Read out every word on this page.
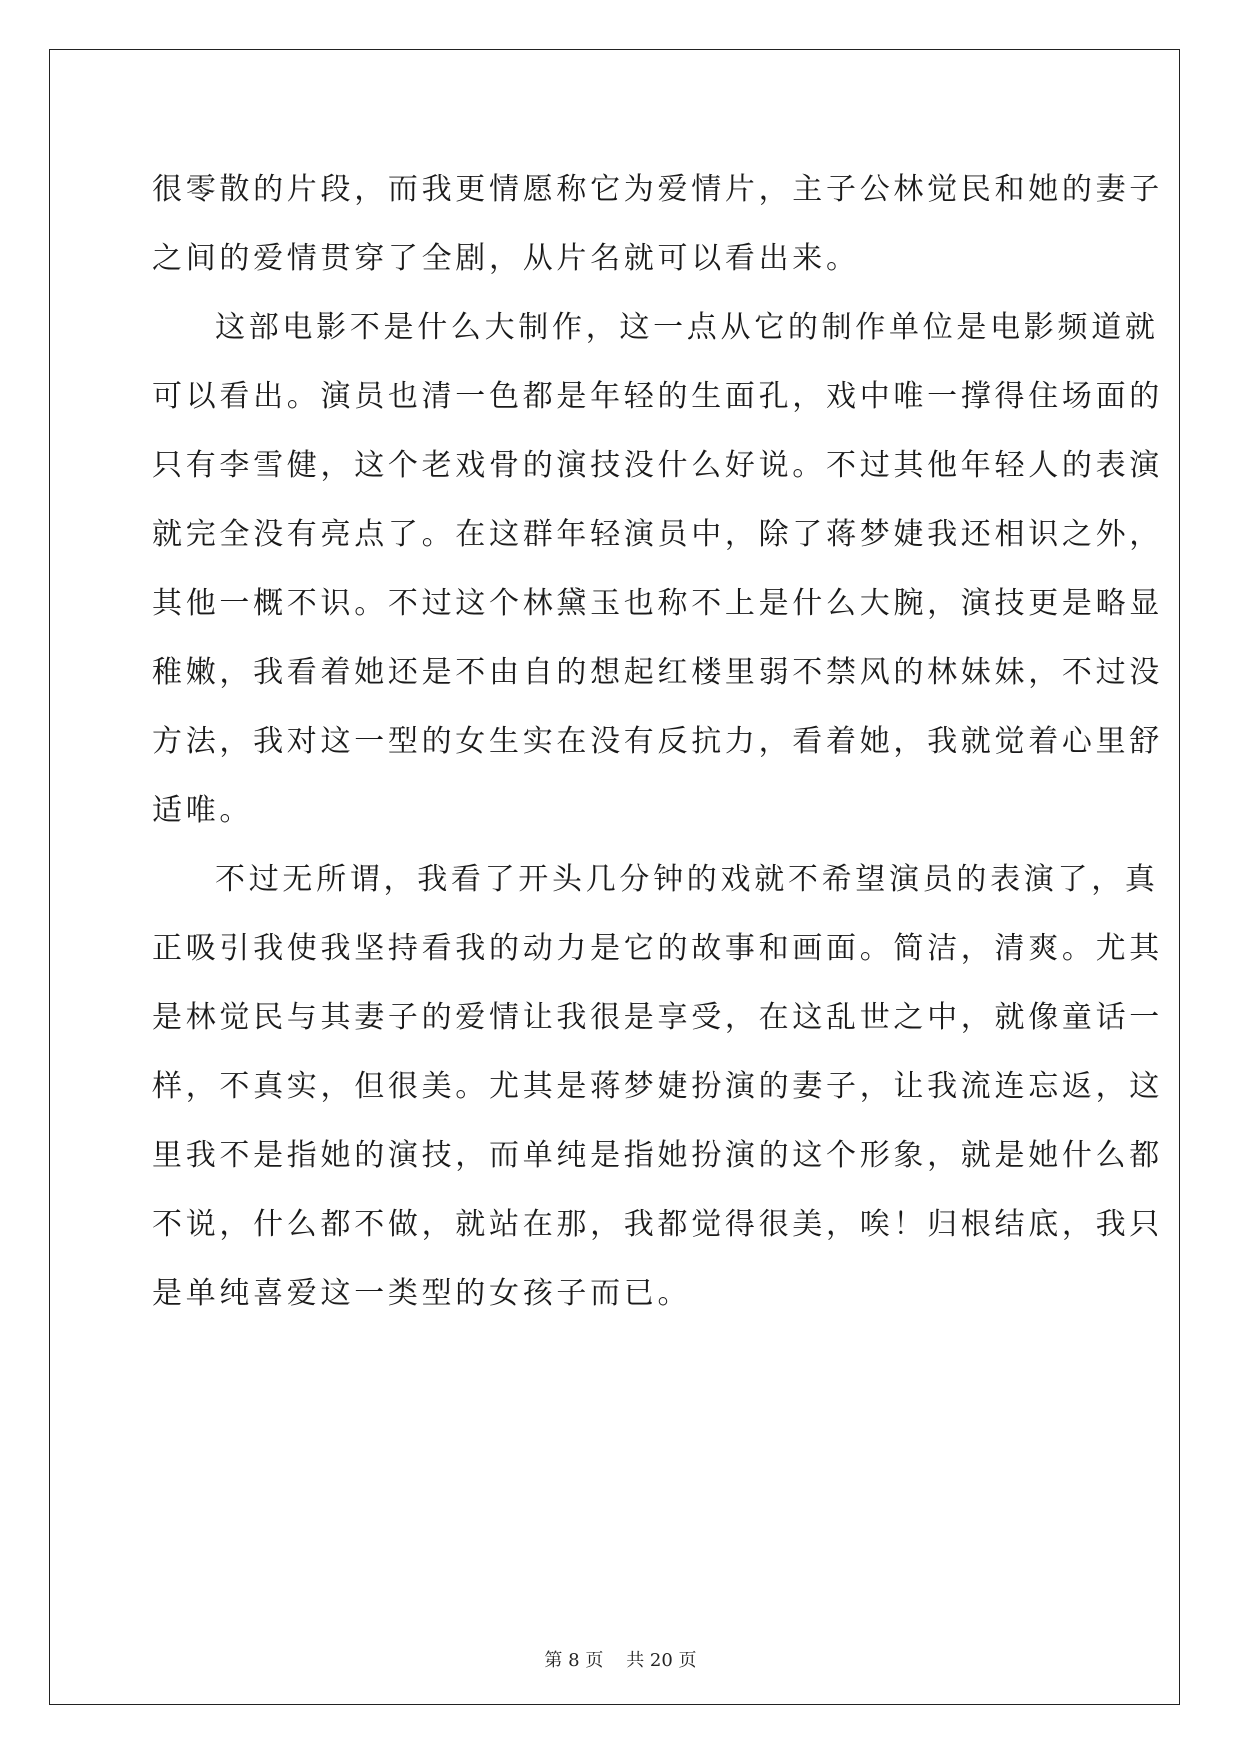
很零散的片段，而我更情愿称它为爱情片，主子公林觉民和她的妻子
之间的爱情贯穿了全剧，从片名就可以看出来。
这部电影不是什么大制作，这一点从它的制作单位是电影频道就
可以看出。演员也清一色都是年轻的生面孔，戏中唯一撑得住场面的
只有李雪健，这个老戏骨的演技没什么好说。不过其他年轻人的表演
就完全没有亮点了。在这群年轻演员中，除了蒋梦婕我还相识之外，
其他一概不识。不过这个林黛玉也称不上是什么大腕，演技更是略显
稚嫩，我看着她还是不由自的想起红楼里弱不禁风的林妹妹，不过没
方法，我对这一型的女生实在没有反抗力，看着她，我就觉着心里舒
适唯。
不过无所谓，我看了开头几分钟的戏就不希望演员的表演了，真
正吸引我使我坚持看我的动力是它的故事和画面。简洁，清爽。尤其
是林觉民与其妻子的爱情让我很是享受，在这乱世之中，就像童话一
样，不真实，但很美。尤其是蒋梦婕扮演的妻子，让我流连忘返，这
里我不是指她的演技，而单纯是指她扮演的这个形象，就是她什么都
不说，什么都不做，就站在那，我都觉得很美，唉！归根结底，我只
是单纯喜爱这一类型的女孩子而已。
第 8 页    共 20 页
